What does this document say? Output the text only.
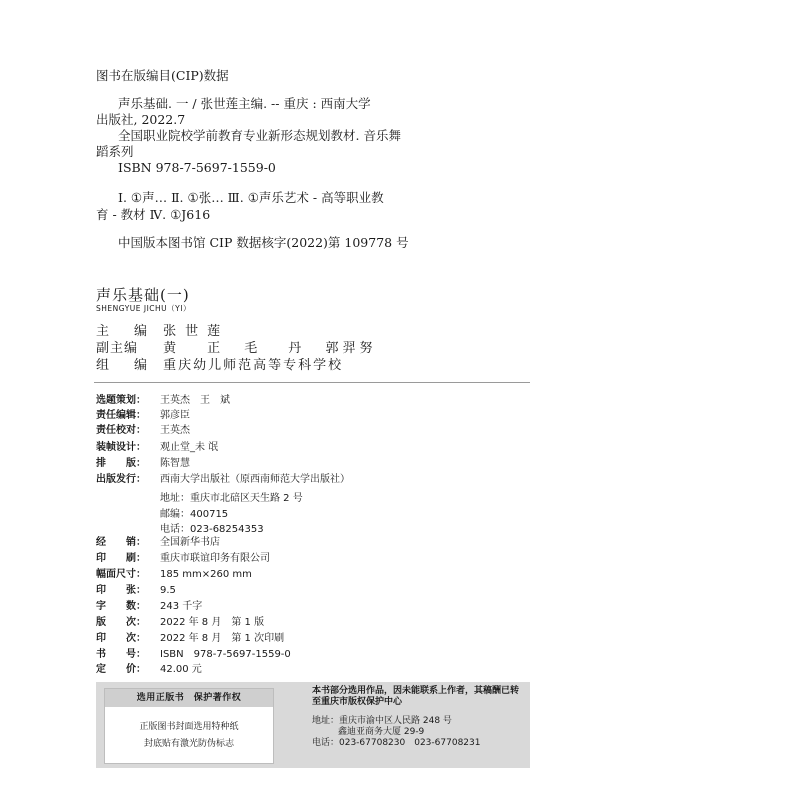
图书在版编目(CIP)数据
声乐基础. 一 / 张世莲主编. -- 重庆 : 西南大学
出版社, 2022.7
全国职业院校学前教育专业新形态规划教材. 音乐舞
蹈系列
ISBN 978-7-5697-1559-0
Ⅰ. ①声… Ⅱ. ①张… Ⅲ. ①声乐艺术 - 高等职业教
育 - 教材 Ⅳ. ①J616
中国版本图书馆 CIP 数据核字(2022)第 109778 号
声乐基础(一)
SHENGYUE JICHU（YI）
主　编 张世莲
副主编 黄　正 毛　丹 郭羿努
组　编 重庆幼儿师范高等专科学校
选题策划： 王英杰　王　斌
责任编辑： 郭彦臣
责任校对： 王英杰
装帧设计： 观止堂_未 氓
排　　版： 陈智慧
出版发行： 西南大学出版社（原西南师范大学出版社）
地址：重庆市北碚区天生路 2 号
邮编：400715
电话：023-68254353
经　　销： 全国新华书店
印　　刷： 重庆市联谊印务有限公司
幅面尺寸： 185 mm×260 mm
印　　张： 9.5
字　　数： 243 千字
版　　次： 2022 年 8 月　第 1 版
印　　次： 2022 年 8 月　第 1 次印刷
书　　号： ISBN　978-7-5697-1559-0
定　　价： 42.00 元
选用正版书　保护著作权
正版图书封面选用特种纸
封底贴有激光防伪标志
本书部分选用作品，因未能联系上作者，其稿酬已转至重庆市版权保护中心
地址：重庆市渝中区人民路 248 号
鑫迪亚商务大厦 29-9
电话：023-67708230　023-67708231
